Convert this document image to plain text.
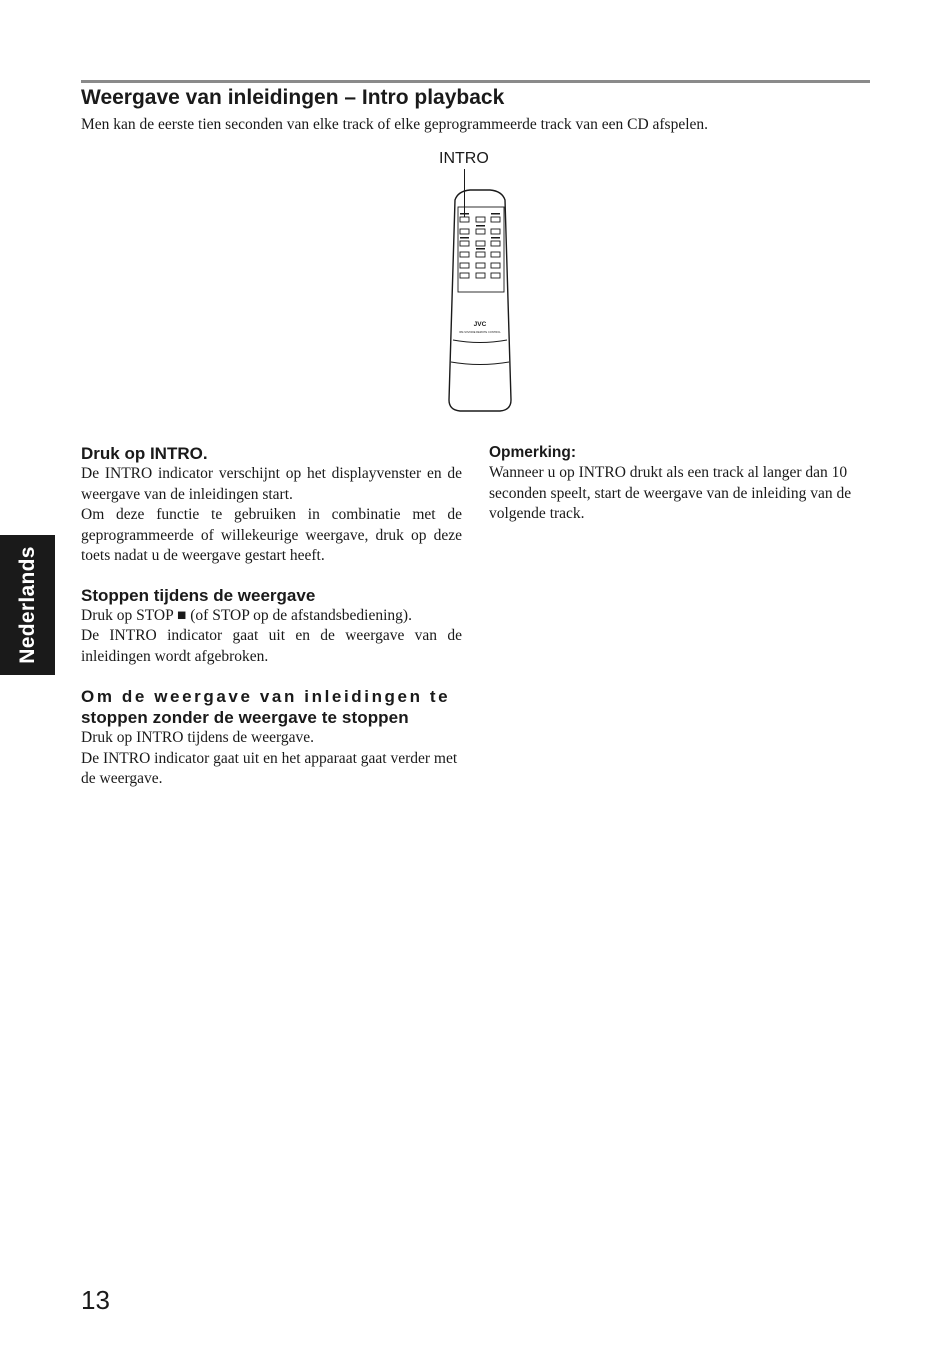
Weergave van inleidingen – Intro playback

Men kan de eerste tien seconden van elke track of elke geprogrammeerde track van een CD afspelen.

JVC
RM-SXV003E REMOTE CONTROL
INTRO
Druk op INTRO.

De INTRO indicator verschijnt op het displayvenster en de weergave van de inleidingen start.

Om deze functie te gebruiken in combinatie met de geprogrammeerde of willekeurige weergave, druk op deze toets nadat u de weergave gestart heeft.

Stoppen tijdens de weergave

Druk op STOP ■ (of STOP op de afstandsbediening).

De INTRO indicator gaat uit en de weergave van de inleidingen wordt afgebroken.

Om de weergave van inleidingen te
stoppen zonder de weergave te stoppen

Druk op INTRO tijdens de weergave.

De INTRO indicator gaat uit en het apparaat gaat verder met de weergave.

Opmerking:

Wanneer u op INTRO drukt als een track al langer dan 10 seconden speelt, start de weergave van de inleiding van de volgende track.

Nederlands
13
